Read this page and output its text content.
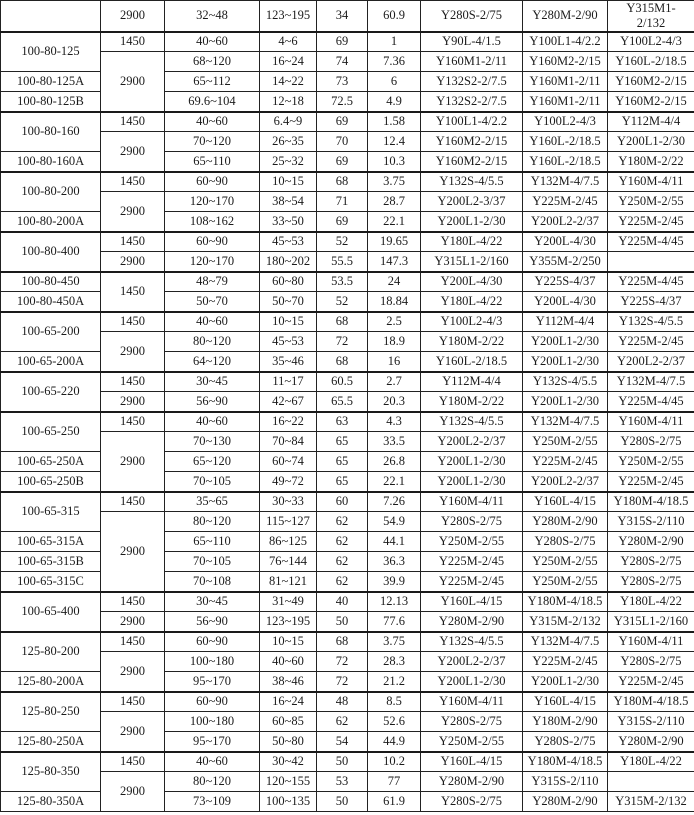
	2900	32~48	123~195	34	60.9	Y280S-2/75	Y280M-2/90	Y315M1-2/132
100-80-125	1450	40~60	4~6	69	1	Y90L-4/1.5	Y100L1-4/2.2	Y100L2-4/3
	2900	68~120	16~24	74	7.36	Y160M1-2/11	Y160M2-2/15	Y160L-2/18.5
100-80-125A		65~112	14~22	73	6	Y132S2-2/7.5	Y160M1-2/11	Y160M2-2/15
100-80-125B		69.6~104	12~18	72.5	4.9	Y132S2-2/7.5	Y160M1-2/11	Y160M2-2/15
100-80-160	1450	40~60	6.4~9	69	1.58	Y100L1-4/2.2	Y100L2-4/3	Y112M-4/4
	2900	70~120	26~35	70	12.4	Y160M2-2/15	Y160L-2/18.5	Y200L1-2/30
100-80-160A		65~110	25~32	69	10.3	Y160M2-2/15	Y160L-2/18.5	Y180M-2/22
100-80-200	1450	60~90	10~15	68	3.75	Y132S-4/5.5	Y132M-4/7.5	Y160M-4/11
	2900	120~170	38~54	71	28.7	Y200L2-3/37	Y225M-2/45	Y250M-2/55
100-80-200A		108~162	33~50	69	22.1	Y200L1-2/30	Y200L2-2/37	Y225M-2/45
100-80-400	1450	60~90	45~53	52	19.65	Y180L-4/22	Y200L-4/30	Y225M-4/45
	2900	120~170	180~202	55.5	147.3	Y315L1-2/160	Y355M-2/250	
100-80-450	1450	48~79	60~80	53.5	24	Y200L-4/30	Y225S-4/37	Y225M-4/45
100-80-450A		50~70	50~70	52	18.84	Y180L-4/22	Y200L-4/30	Y225S-4/37
100-65-200	1450	40~60	10~15	68	2.5	Y100L2-4/3	Y112M-4/4	Y132S-4/5.5
	2900	80~120	45~53	72	18.9	Y180M-2/22	Y200L1-2/30	Y225M-2/45
100-65-200A		64~120	35~46	68	16	Y160L-2/18.5	Y200L1-2/30	Y200L2-2/37
100-65-220	1450	30~45	11~17	60.5	2.7	Y112M-4/4	Y132S-4/5.5	Y132M-4/7.5
	2900	56~90	42~67	65.5	20.3	Y180M-2/22	Y200L1-2/30	Y225M-4/45
100-65-250	1450	40~60	16~22	63	4.3	Y132S-4/5.5	Y132M-4/7.5	Y160M-4/11
	2900	70~130	70~84	65	33.5	Y200L2-2/37	Y250M-2/55	Y280S-2/75
100-65-250A		65~120	60~74	65	26.8	Y200L1-2/30	Y225M-2/45	Y250M-2/55
100-65-250B		70~105	49~72	65	22.1	Y200L1-2/30	Y200L2-2/37	Y225M-2/45
100-65-315	1450	35~65	30~33	60	7.26	Y160M-4/11	Y160L-4/15	Y180M-4/18.5
	2900	80~120	115~127	62	54.9	Y280S-2/75	Y280M-2/90	Y315S-2/110
100-65-315A		65~110	86~125	62	44.1	Y250M-2/55	Y280S-2/75	Y280M-2/90
100-65-315B		70~105	76~144	62	36.3	Y225M-2/45	Y250M-2/55	Y280S-2/75
100-65-315C		70~108	81~121	62	39.9	Y225M-2/45	Y250M-2/55	Y280S-2/75
100-65-400	1450	30~45	31~49	40	12.13	Y160L-4/15	Y180M-4/18.5	Y180L-4/22
	2900	56~90	123~195	50	77.6	Y280M-2/90	Y315M-2/132	Y315L1-2/160
125-80-200	1450	60~90	10~15	68	3.75	Y132S-4/5.5	Y132M-4/7.5	Y160M-4/11
	2900	100~180	40~60	72	28.3	Y200L2-2/37	Y225M-2/45	Y280S-2/75
125-80-200A		95~170	38~46	72	21.2	Y200L1-2/30	Y200L1-2/30	Y225M-2/45
125-80-250	1450	60~90	16~24	48	8.5	Y160M-4/11	Y160L-4/15	Y180M-4/18.5
	2900	100~180	60~85	62	52.6	Y280S-2/75	Y180M-2/90	Y315S-2/110
125-80-250A		95~170	50~80	54	44.9	Y250M-2/55	Y280S-2/75	Y280M-2/90
125-80-350	1450	40~60	30~42	50	10.2	Y160L-4/15	Y180M-4/18.5	Y180L-4/22
	2900	80~120	120~155	53	77	Y280M-2/90	Y315S-2/110	
125-80-350A		73~109	100~135	50	61.9	Y280S-2/75	Y280M-2/90	Y315M-2/132
